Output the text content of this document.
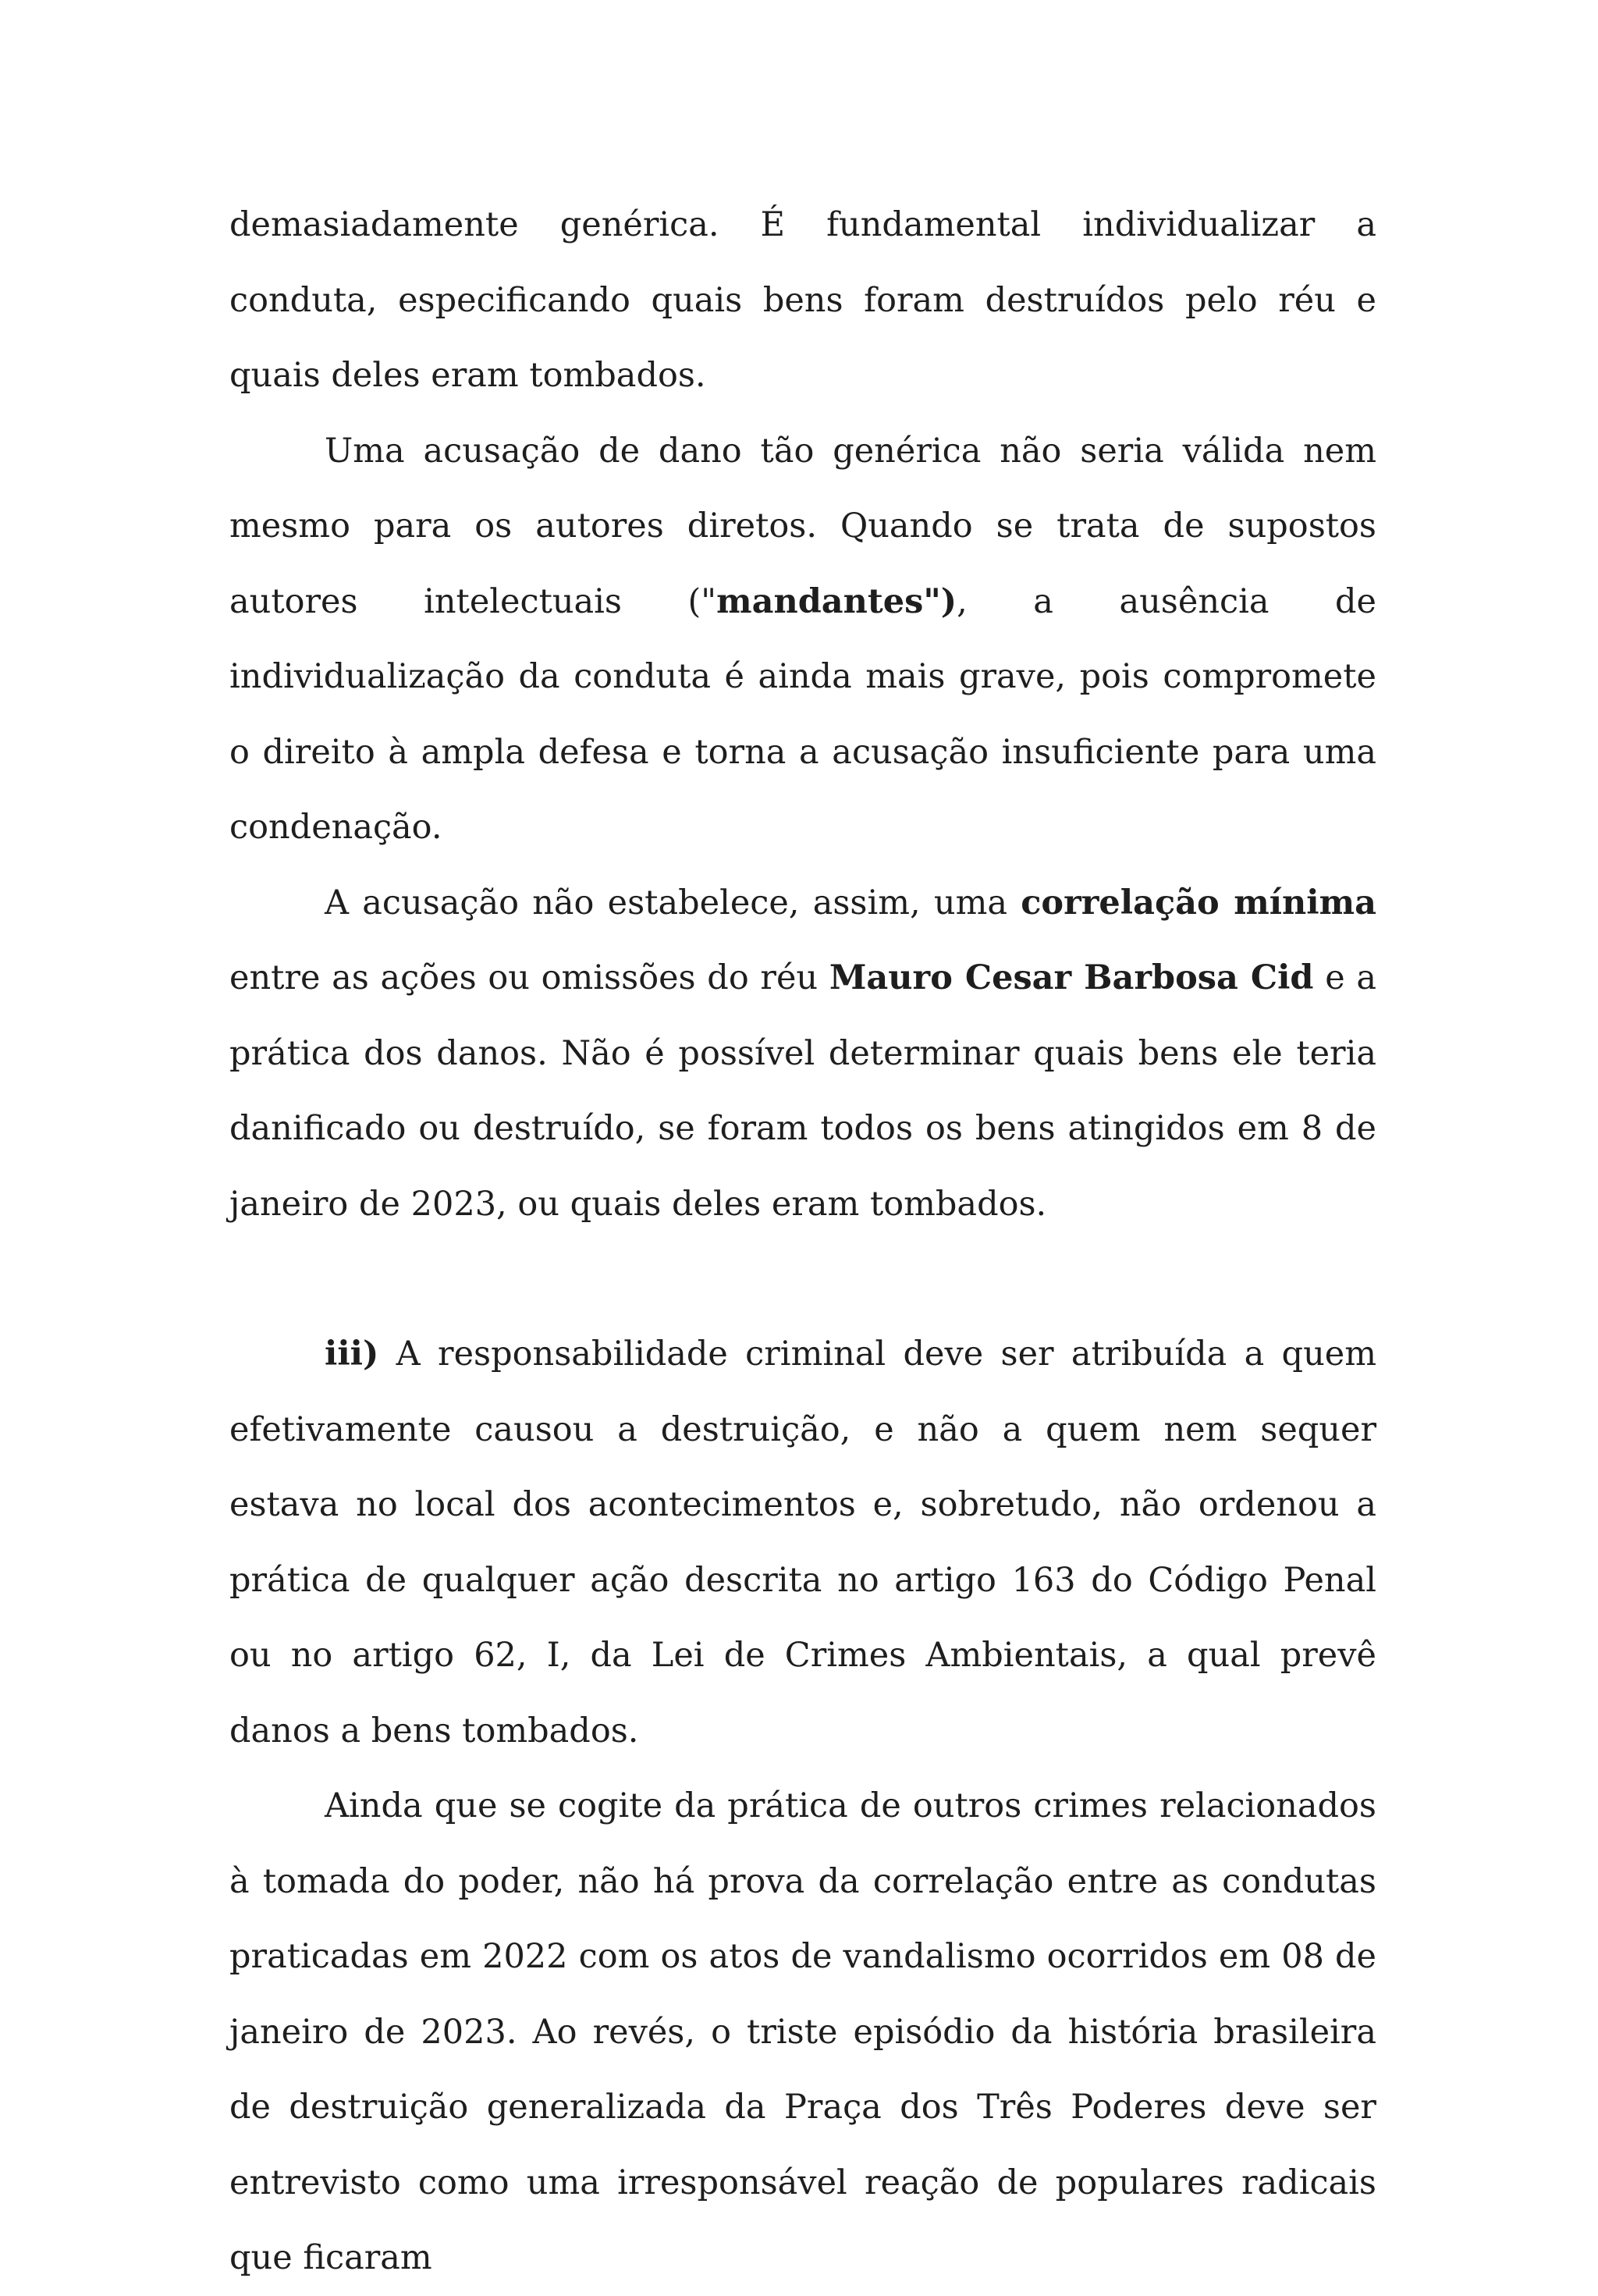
demasiadamente genérica. É fundamental individualizar a conduta, especificando quais bens foram destruídos pelo réu e quais deles eram tombados.

Uma acusação de dano tão genérica não seria válida nem mesmo para os autores diretos. Quando se trata de supostos autores intelectuais ("mandantes"), a ausência de individualização da conduta é ainda mais grave, pois compromete o direito à ampla defesa e torna a acusação insuficiente para uma condenação.

A acusação não estabelece, assim, uma correlação mínima entre as ações ou omissões do réu Mauro Cesar Barbosa Cid e a prática dos danos. Não é possível determinar quais bens ele teria danificado ou destruído, se foram todos os bens atingidos em 8 de janeiro de 2023, ou quais deles eram tombados.

iii) A responsabilidade criminal deve ser atribuída a quem efetivamente causou a destruição, e não a quem nem sequer estava no local dos acontecimentos e, sobretudo, não ordenou a prática de qualquer ação descrita no artigo 163 do Código Penal ou no artigo 62, I, da Lei de Crimes Ambientais, a qual prevê danos a bens tombados.

Ainda que se cogite da prática de outros crimes relacionados à tomada do poder, não há prova da correlação entre as condutas praticadas em 2022 com os atos de vandalismo ocorridos em 08 de janeiro de 2023. Ao revés, o triste episódio da história brasileira de destruição generalizada da Praça dos Três Poderes deve ser entrevisto como uma irresponsável reação de populares radicais que ficaram
